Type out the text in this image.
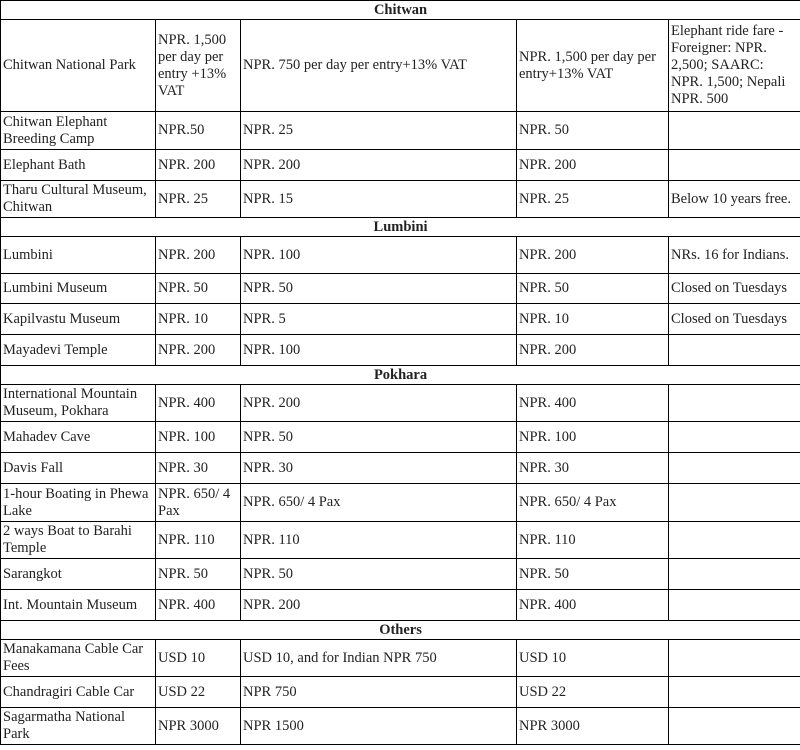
Chitwan				
Chitwan National Park	NPR. 1,500 per day per entry +13% VAT	NPR. 750 per day per entry+13% VAT	NPR. 1,500 per day per entry+13% VAT	Elephant ride fare - Foreigner: NPR. 2,500; SAARC: NPR. 1,500; Nepali NPR. 500
Chitwan Elephant Breeding Camp	NPR.50	NPR. 25	NPR. 50	
Elephant Bath	NPR. 200	NPR. 200	NPR. 200	
Tharu Cultural Museum, Chitwan	NPR. 25	NPR. 15	NPR. 25	Below 10 years free.
Lumbini				
Lumbini	NPR. 200	NPR. 100	NPR. 200	NRs. 16 for Indians.
Lumbini Museum	NPR. 50	NPR. 50	NPR. 50	Closed on Tuesdays
Kapilvastu Museum	NPR. 10	NPR. 5	NPR. 10	Closed on Tuesdays
Mayadevi Temple	NPR. 200	NPR. 100	NPR. 200	
Pokhara				
International Mountain Museum, Pokhara	NPR. 400	NPR. 200	NPR. 400	
Mahadev Cave	NPR. 100	NPR. 50	NPR. 100	
Davis Fall	NPR. 30	NPR. 30	NPR. 30	
1-hour Boating in Phewa Lake	NPR. 650/ 4 Pax	NPR. 650/ 4 Pax	NPR. 650/ 4 Pax	
2 ways Boat to Barahi Temple	NPR. 110	NPR. 110	NPR. 110	
Sarangkot	NPR. 50	NPR. 50	NPR. 50	
Int. Mountain Museum	NPR. 400	NPR. 200	NPR. 400	
Others				
Manakamana Cable Car Fees	USD 10	USD 10, and for Indian NPR 750	USD 10	
Chandragiri Cable Car	USD 22	NPR 750	USD 22	
Sagarmatha National Park	NPR 3000	NPR 1500	NPR 3000	
